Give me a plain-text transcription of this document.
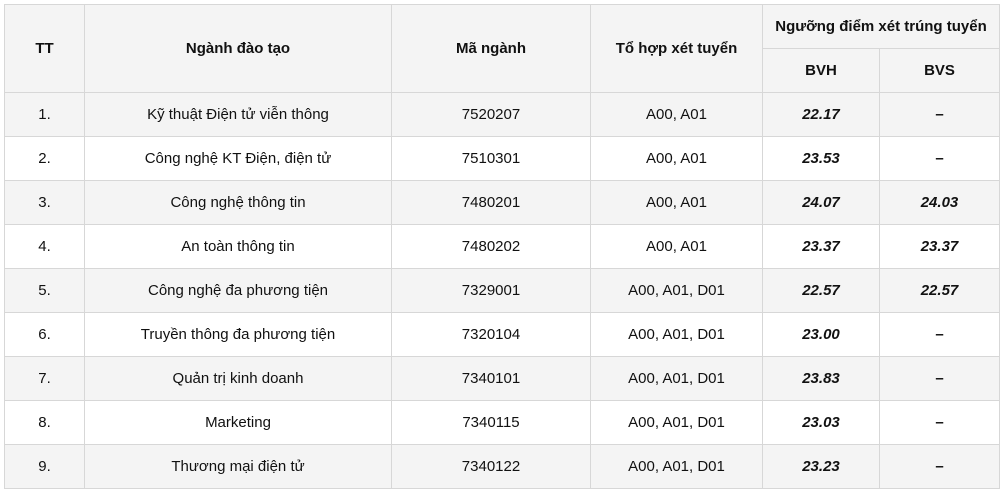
TT	Ngành đào tạo	Mã ngành	Tổ hợp xét tuyển	Ngưỡng điểm xét trúng tuyển	
				BVH	BVS
1.	Kỹ thuật Điện tử viễn thông	7520207	A00, A01	22.17	–
2.	Công nghệ KT Điện, điện tử	7510301	A00, A01	23.53	–
3.	Công nghệ thông tin	7480201	A00, A01	24.07	24.03
4.	An toàn thông tin	7480202	A00, A01	23.37	23.37
5.	Công nghệ đa phương tiện	7329001	A00, A01, D01	22.57	22.57
6.	Truyền thông đa phương tiện	7320104	A00, A01, D01	23.00	–
7.	Quản trị kinh doanh	7340101	A00, A01, D01	23.83	–
8.	Marketing	7340115	A00, A01, D01	23.03	–
9.	Thương mại điện tử	7340122	A00, A01, D01	23.23	–
